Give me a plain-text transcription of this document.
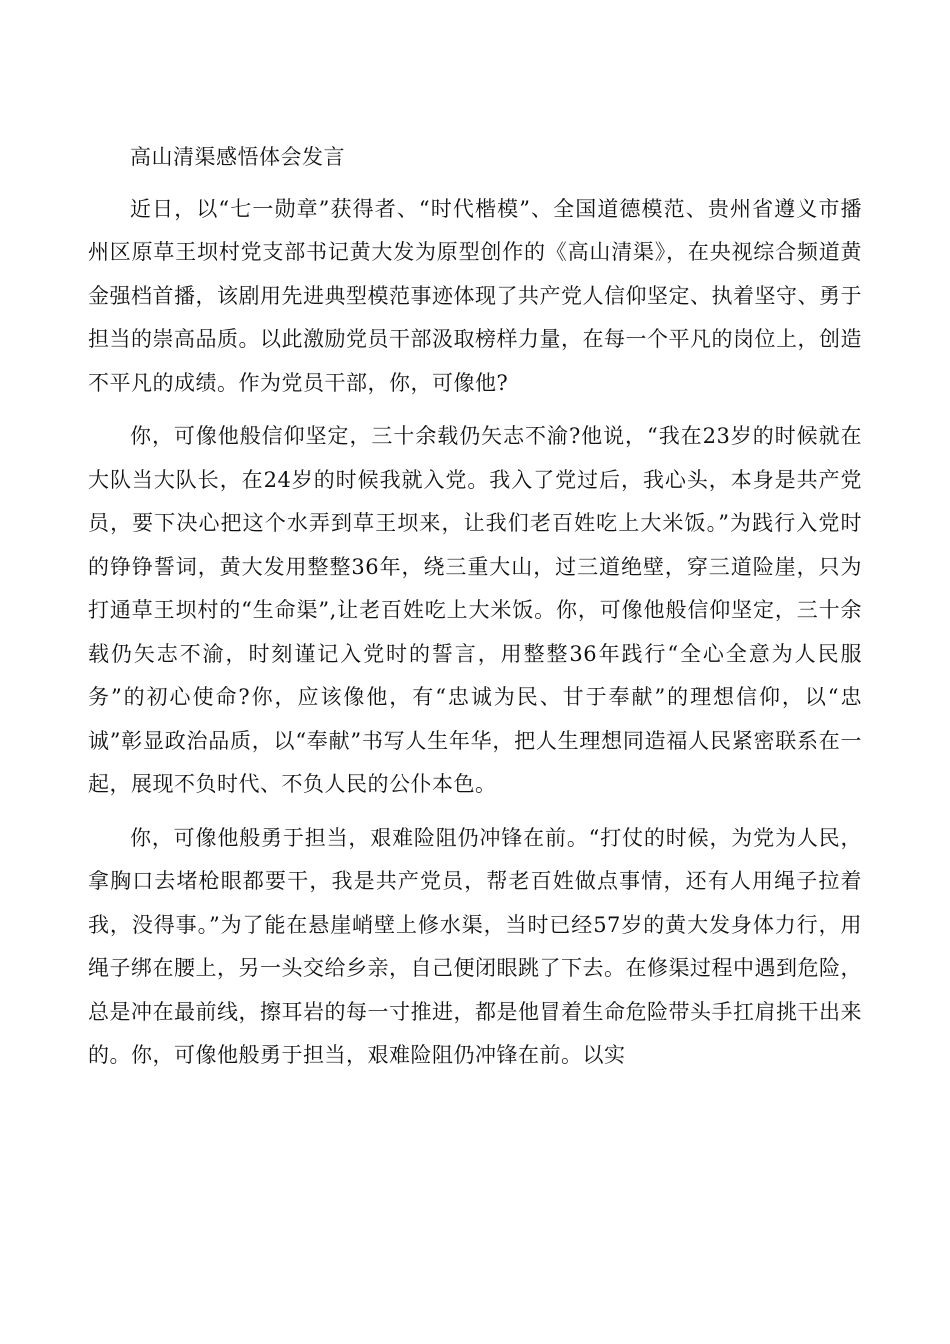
高山清渠感悟体会发言

近日，以“七一勋章”获得者、“时代楷模”、全国道德模范、贵州省遵义市播州区原草王坝村党支部书记黄大发为原型创作的《高山清渠》，在央视综合频道黄金强档首播，该剧用先进典型模范事迹体现了共产党人信仰坚定、执着坚守、勇于担当的崇高品质。以此激励党员干部汲取榜样力量，在每一个平凡的岗位上，创造不平凡的成绩。作为党员干部，你，可像他?

你，可像他般信仰坚定，三十余载仍矢志不渝?他说，“我在23岁的时候就在大队当大队长，在24岁的时候我就入党。我入了党过后，我心头，本身是共产党员，要下决心把这个水弄到草王坝来，让我们老百姓吃上大米饭。”为践行入党时的铮铮誓词，黄大发用整整36年，绕三重大山，过三道绝壁，穿三道险崖，只为打通草王坝村的“生命渠”,让老百姓吃上大米饭。你，可像他般信仰坚定，三十余载仍矢志不渝，时刻谨记入党时的誓言，用整整36年践行“全心全意为人民服务”的初心使命?你，应该像他，有“忠诚为民、甘于奉献”的理想信仰，以“忠诚”彰显政治品质，以“奉献”书写人生年华，把人生理想同造福人民紧密联系在一起，展现不负时代、不负人民的公仆本色。

你，可像他般勇于担当，艰难险阻仍冲锋在前。“打仗的时候，为党为人民，拿胸口去堵枪眼都要干，我是共产党员，帮老百姓做点事情，还有人用绳子拉着我，没得事。”为了能在悬崖峭壁上修水渠，当时已经57岁的黄大发身体力行，用绳子绑在腰上，另一头交给乡亲，自己便闭眼跳了下去。在修渠过程中遇到危险，总是冲在最前线，擦耳岩的每一寸推进，都是他冒着生命危险带头手扛肩挑干出来的。你，可像他般勇于担当，艰难险阻仍冲锋在前。以实
